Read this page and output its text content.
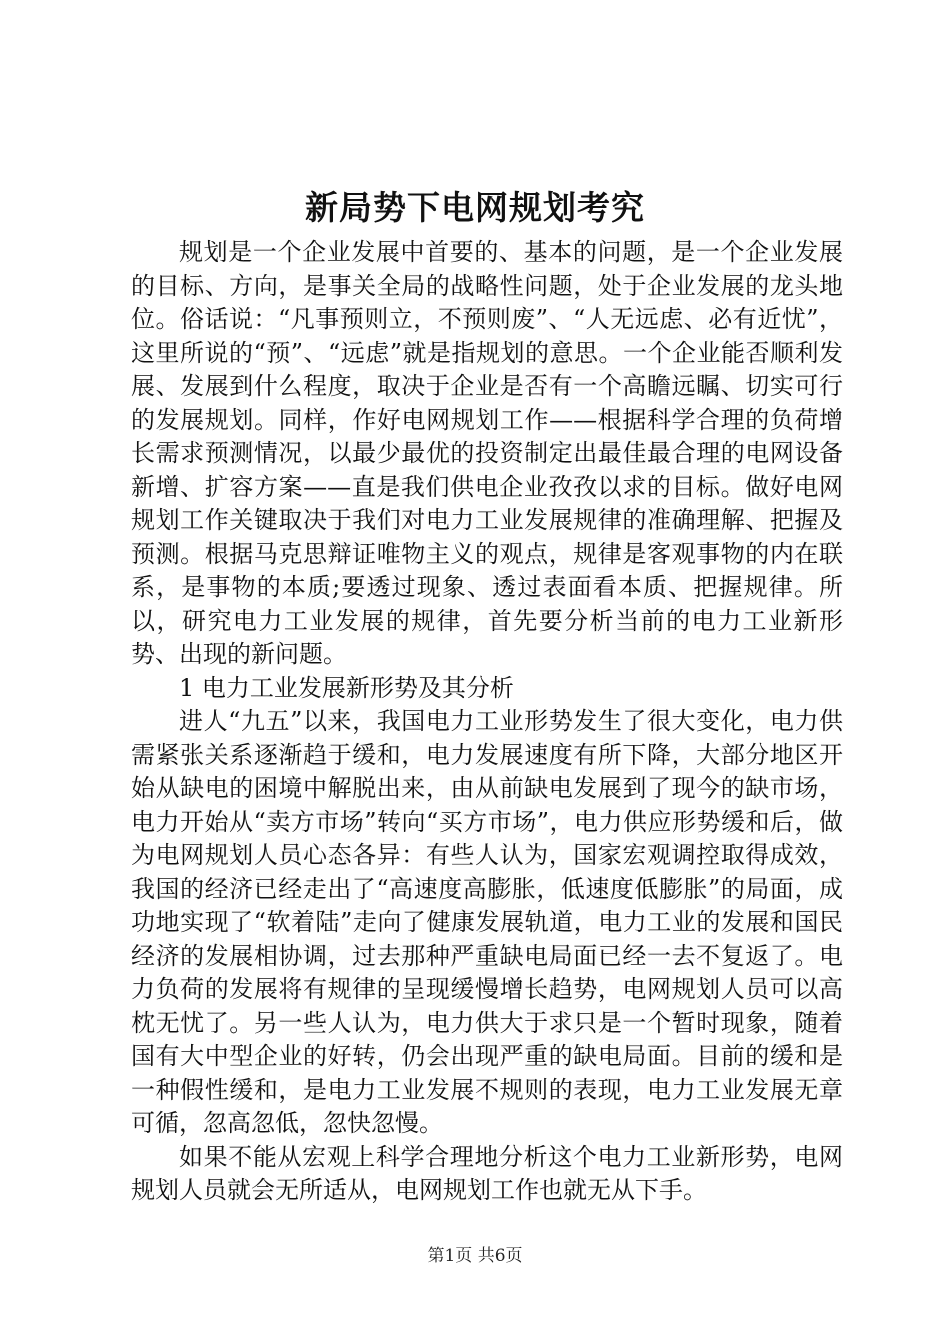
新局势下电网规划考究

规划是一个企业发展中首要的、基本的问题，是一个企业发展的目标、方向，是事关全局的战略性问题，处于企业发展的龙头地位。俗话说：“凡事预则立，不预则废”、“人无远虑、必有近忧”，这里所说的“预”、“远虑”就是指规划的意思。一个企业能否顺利发展、发展到什么程度，取决于企业是否有一个高瞻远瞩、切实可行的发展规划。同样，作好电网规划工作——根据科学合理的负荷增长需求预测情况，以最少最优的投资制定出最佳最合理的电网设备新增、扩容方案——直是我们供电企业孜孜以求的目标。做好电网规划工作关键取决于我们对电力工业发展规律的准确理解、把握及预测。根据马克思辩证唯物主义的观点，规律是客观事物的内在联系，是事物的本质;要透过现象、透过表面看本质、把握规律。所以，研究电力工业发展的规律，首先要分析当前的电力工业新形势、出现的新问题。

1 电力工业发展新形势及其分析

进人“九五”以来，我国电力工业形势发生了很大变化，电力供需紧张关系逐渐趋于缓和，电力发展速度有所下降，大部分地区开始从缺电的困境中解脱出来，由从前缺电发展到了现今的缺市场，电力开始从“卖方市场”转向“买方市场”，电力供应形势缓和后，做为电网规划人员心态各异：有些人认为，国家宏观调控取得成效，我国的经济已经走出了“高速度高膨胀，低速度低膨胀”的局面，成功地实现了“软着陆”走向了健康发展轨道，电力工业的发展和国民经济的发展相协调，过去那种严重缺电局面已经一去不复返了。电力负荷的发展将有规律的呈现缓慢增长趋势，电网规划人员可以高枕无忧了。另一些人认为，电力供大于求只是一个暂时现象，随着国有大中型企业的好转，仍会出现严重的缺电局面。目前的缓和是一种假性缓和，是电力工业发展不规则的表现，电力工业发展无章可循，忽高忽低，忽快忽慢。

如果不能从宏观上科学合理地分析这个电力工业新形势，电网规划人员就会无所适从，电网规划工作也就无从下手。

第1页 共6页
